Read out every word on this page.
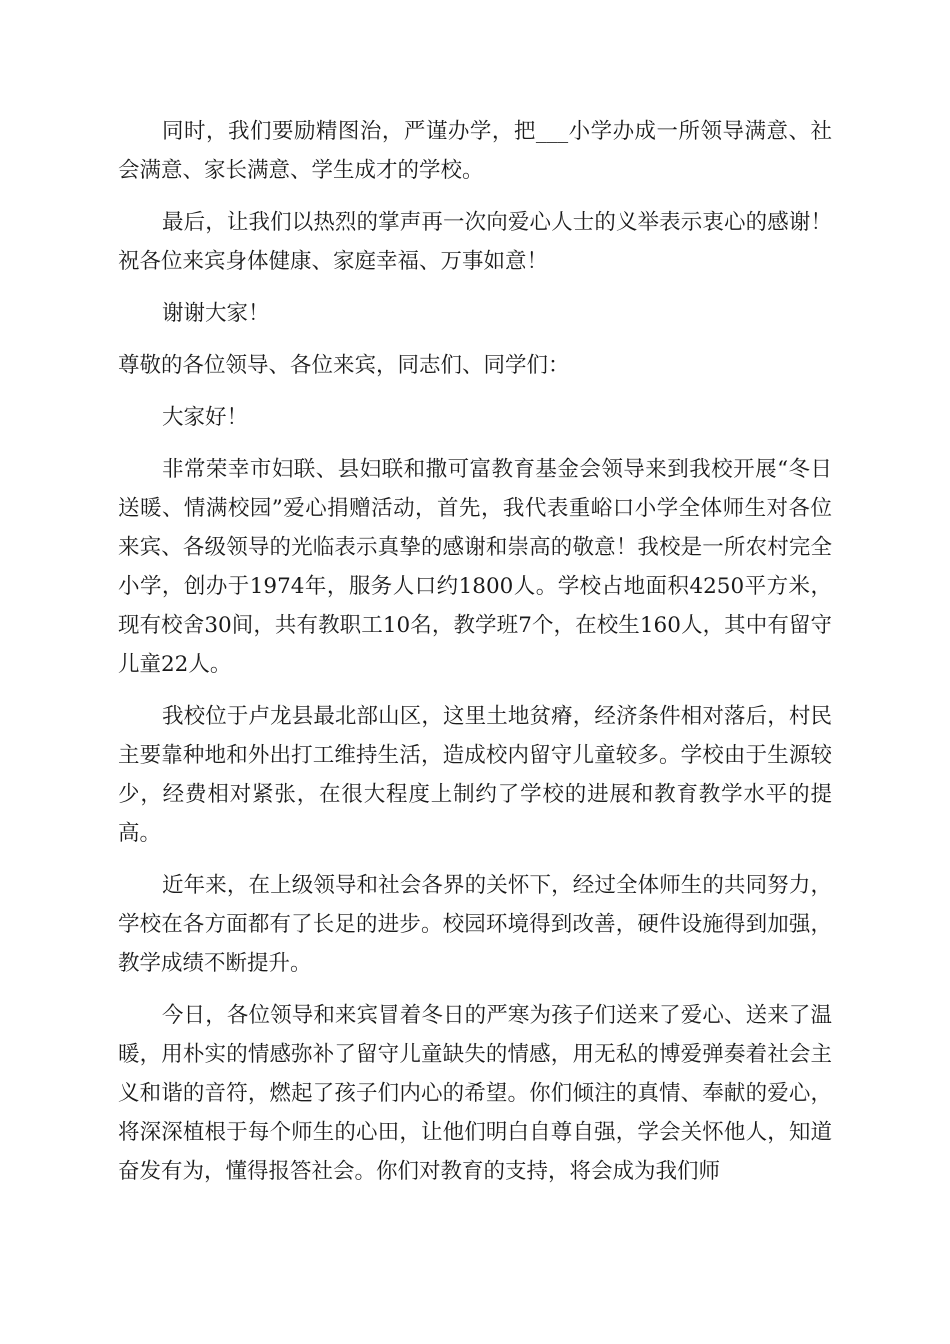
同时，我们要励精图治，严谨办学，把___小学办成一所领导满意、社会满意、家长满意、学生成才的学校。

最后，让我们以热烈的掌声再一次向爱心人士的义举表示衷心的感谢！祝各位来宾身体健康、家庭幸福、万事如意！

谢谢大家！

尊敬的各位领导、各位来宾，同志们、同学们：

大家好！

非常荣幸市妇联、县妇联和撒可富教育基金会领导来到我校开展“冬日送暖、情满校园”爱心捐赠活动，首先，我代表重峪口小学全体师生对各位来宾、各级领导的光临表示真挚的感谢和崇高的敬意！我校是一所农村完全小学，创办于1974年，服务人口约1800人。学校占地面积4250平方米，现有校舍30间，共有教职工10名，教学班7个，在校生160人，其中有留守儿童22人。

我校位于卢龙县最北部山区，这里土地贫瘠，经济条件相对落后，村民主要靠种地和外出打工维持生活，造成校内留守儿童较多。学校由于生源较少，经费相对紧张，在很大程度上制约了学校的进展和教育教学水平的提高。

近年来，在上级领导和社会各界的关怀下，经过全体师生的共同努力，学校在各方面都有了长足的进步。校园环境得到改善，硬件设施得到加强，教学成绩不断提升。

今日，各位领导和来宾冒着冬日的严寒为孩子们送来了爱心、送来了温暖，用朴实的情感弥补了留守儿童缺失的情感，用无私的博爱弹奏着社会主义和谐的音符，燃起了孩子们内心的希望。你们倾注的真情、奉献的爱心，将深深植根于每个师生的心田，让他们明白自尊自强，学会关怀他人，知道奋发有为，懂得报答社会。你们对教育的支持，将会成为我们师
